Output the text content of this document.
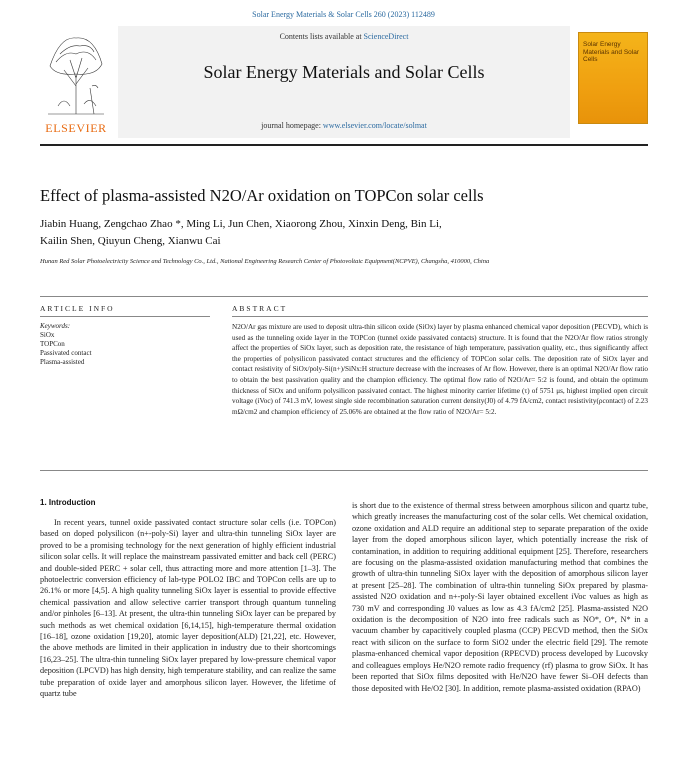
Solar Energy Materials & Solar Cells 260 (2023) 112489
ELSEVIER
Contents lists available at ScienceDirect
Solar Energy Materials and Solar Cells
journal homepage: www.elsevier.com/locate/solmat
Solar Energy Materials and Solar Cells
Effect of plasma-assisted N2O/Ar oxidation on TOPCon solar cells
Jiabin Huang, Zengchao Zhao *, Ming Li, Jun Chen, Xiaorong Zhou, Xinxin Deng, Bin Li,
Kailin Shen, Qiuyun Cheng, Xianwu Cai
Hunan Red Solar Photoelectricity Science and Technology Co., Ltd., National Engineering Research Center of Photovoltaic Equipment(NCPVE), Changsha, 410000, China
ARTICLE INFO	ABSTRACT
Keywords:
SiOx
TOPCon
Passivated contact
Plasma-assisted
N2O/Ar gas mixture are used to deposit ultra-thin silicon oxide (SiOx) layer by plasma enhanced chemical vapor deposition (PECVD), which is used as the tunneling oxide layer in the TOPCon (tunnel oxide passivated contacts) structure. It is found that the N2O/Ar flow ratios strongly affect the properties of SiOx layer, such as deposition rate, the resistance of high temperature, passivation quality, etc., thus significantly affect the properties of polysilicon passivated contact structures and the efficiency of TOPCon solar cells. The deposition rate of SiOx layer and contact resistivity of SiOx/poly-Si(n+)/SiNx:H structure decrease with the increases of Ar flow. However, there is an optimal N2O/Ar flow ratio to obtain the best passivation quality and the champion efficiency. The optimal flow ratio of N2O/Ar= 5:2 is found, and obtain the optimum thickness of SiOx and uniform polysilicon passivated contact. The highest minority carrier lifetime (τ) of 5751 μs, highest implied open circuit voltage (iVoc) of 741.3 mV, lowest single side recombination saturation current density(J0) of 4.79 fA/cm2, contact resistivity(ρcontact) of 2.23 mΩ/cm2 and champion efficiency of 25.06% are obtained at the flow ratio of N2O/Ar= 5:2.
1. Introduction
In recent years, tunnel oxide passivated contact structure solar cells (i.e. TOPCon) based on doped polysilicon (n+-poly-Si) layer and ultra-thin tunneling SiOx layer are proved to be a promising technology for the next generation of highly efficient industrial silicon solar cells. It will replace the mainstream passivated emitter and back cell (PERC) and double-sided PERC + solar cell, thus attracting more and more attention [1–3]. The photoelectric conversion efficiency of lab-type POLO2 IBC and TOPCon cells are up to 26.1% or more [4,5]. A high quality tunneling SiOx layer is essential to provide effective chemical passivation and allow selective carrier transport through quantum tunneling and/or pinholes [6–13]. At present, the ultra-thin tunneling SiOx layer can be prepared by such methods as wet chemical oxidation [6,14,15], high-temperature thermal oxidation [16–18], ozone oxidation [19,20], atomic layer deposition(ALD) [21,22], etc. However, the above methods are limited in their application in industry due to their shortcomings [16,23–25]. The ultra-thin tunneling SiOx layer prepared by low-pressure chemical vapor deposition (LPCVD) has high density, high temperature stability, and can realize the same tube preparation of oxide layer and amorphous silicon layer. However, the lifetime of quartz tube
is short due to the existence of thermal stress between amorphous silicon and quartz tube, which greatly increases the manufacturing cost of the solar cells. Wet chemical oxidation, ozone oxidation and ALD require an additional step to separate preparation of the oxide layer from the doped amorphous silicon layer, which potentially increase the risk of contamination, in addition to requiring additional equipment [25]. Therefore, researchers are focusing on the plasma-assisted oxidation manufacturing method that combines the growth of ultra-thin tunneling SiOx layer with the deposition of amorphous silicon layer at present [25–28]. The combination of ultra-thin tunneling SiOx prepared by plasma-assisted N2O oxidation and n+-poly-Si layer obtained excellent iVoc values as high as 730 mV and corresponding J0 values as low as 4.3 fA/cm2 [25]. Plasma-assisted N2O oxidation is the decomposition of N2O into free radicals such as NO*, O*, N* in a vacuum chamber by capacitively coupled plasma (CCP) PECVD method, then the SiOx react with silicon on the surface to form SiO2 under the electric field [29]. The remote plasma-enhanced chemical vapor deposition (RPECVD) process developed by Lucovsky and colleagues employs He/N2O remote radio frequency (rf) plasma to grow SiOx. It has been reported that SiOx films deposited with He/N2O have fewer Si–OH defects than those deposited with He/O2 [30]. In addition, remote plasma-assisted oxidation (RPAO)
